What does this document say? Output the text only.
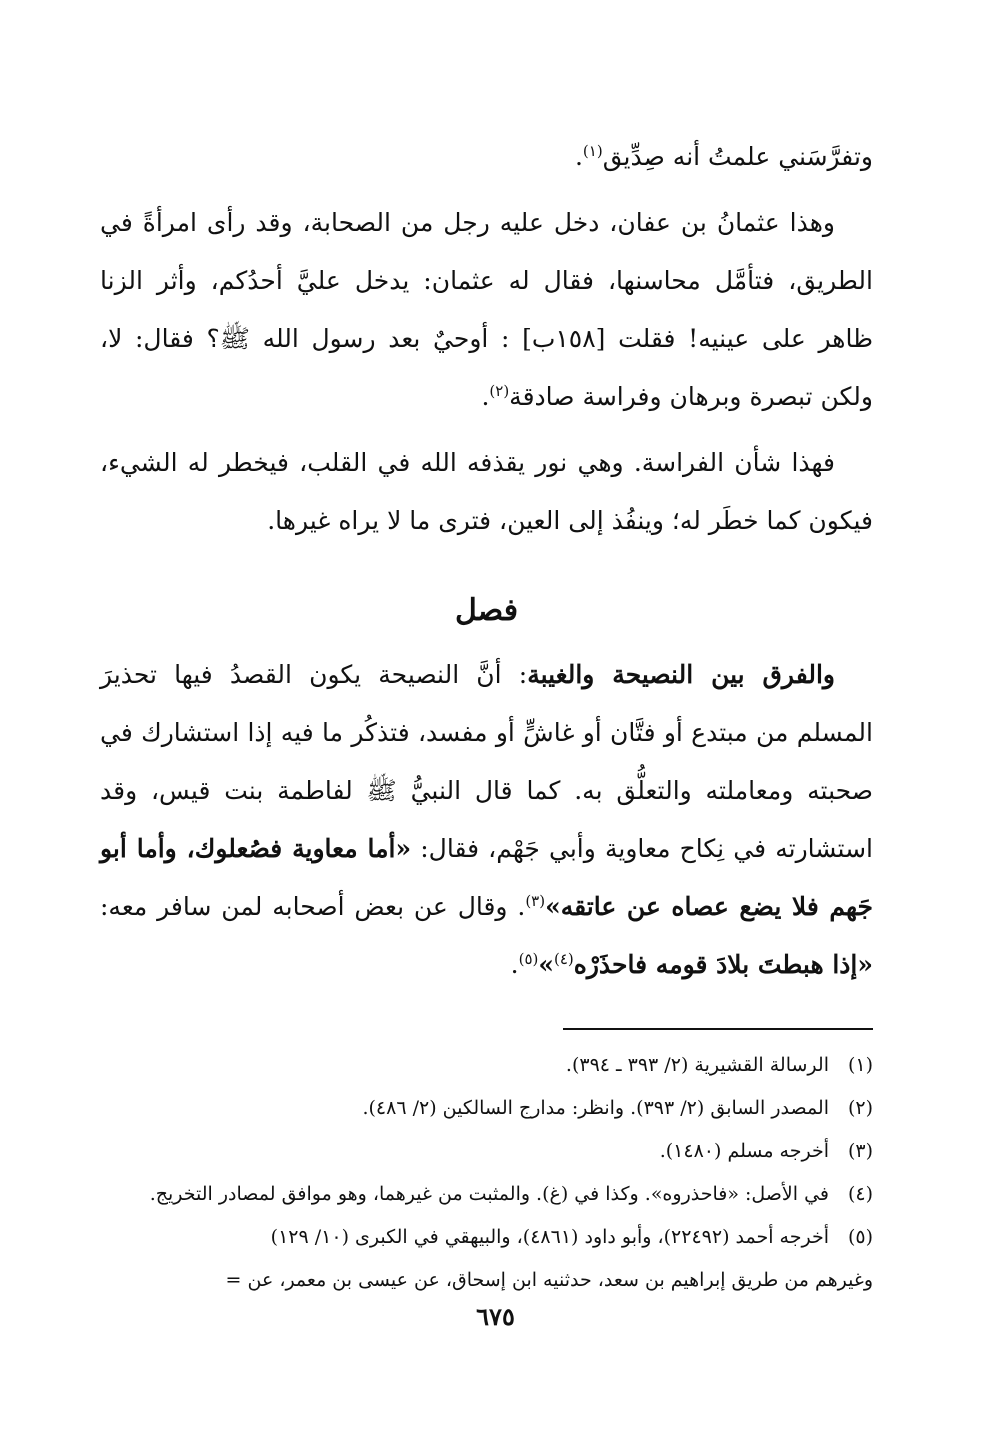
وتفرَّسَني علمتُ أنه صِدِّيق$^{(١)}$.

وهذا عثمانُ بن عفان، دخل عليه رجل من الصحابة، وقد رأى امرأةً في الطريق، فتأمَّل محاسنها، فقال له عثمان: يدخل عليَّ أحدُكم، وأثر الزنا ظاهر على عينيه! فقلت [١٥٨ب] : أوحيٌ بعد رسول الله ﷺ؟ فقال: لا، ولكن تبصرة وبرهان وفراسة صادقة$^{(٢)}$.

فهذا شأن الفراسة. وهي نور يقذفه الله في القلب، فيخطر له الشيء، فيكون كما خطَر له؛ وينفُذ إلى العين، فترى ما لا يراه غيرها.

فصل

والفرق بين النصيحة والغيبة: أنَّ النصيحة يكون القصدُ فيها تحذيرَ المسلم من مبتدع أو فتَّان أو غاشٍّ أو مفسد، فتذكُر ما فيه إذا استشارك في صحبته ومعاملته والتعلُّق به. كما قال النبيُّ ﷺ لفاطمة بنت قيس، وقد استشارته في نِكاح معاوية وأبي جَهْم، فقال: «أما معاوية فصُعلوك، وأما أبو جَهم فلا يضع عصاه عن عاتقه»$^{(٣)}$. وقال عن بعض أصحابه لمن سافر معه: «إذا هبطتَ بلادَ قومه فاحذَرْه$^{(٤)}$»$^{(٥)}$.

(١)
الرسالة القشيرية (٢/ ٣٩٣ ـ ٣٩٤).
(٢)
المصدر السابق (٢/ ٣٩٣). وانظر: مدارج السالكين (٢/ ٤٨٦).
(٣)
أخرجه مسلم (١٤٨٠).
(٤)
في الأصل: «فاحذروه». وكذا في (غ). والمثبت من غيرهما، وهو موافق لمصادر التخريج.
(٥)
أخرجه أحمد (٢٢٤٩٢)، وأبو داود (٤٨٦١)، والبيهقي في الكبرى (١٠/ ١٢٩)
وغيرهم من طريق إبراهيم بن سعد، حدثنيه ابن إسحاق، عن عيسى بن معمر، عن =
٦٧٥
